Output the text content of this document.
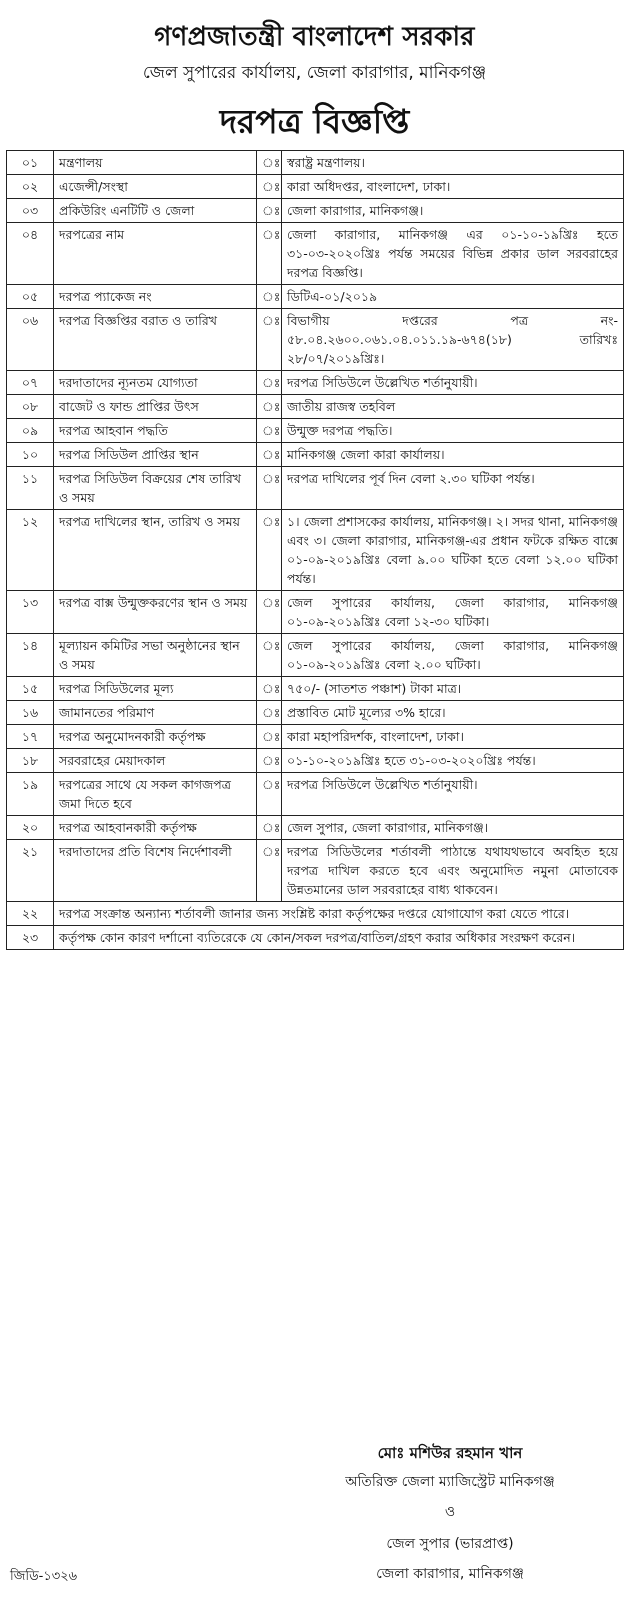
গণপ্রজাতন্ত্রী বাংলাদেশ সরকার
জেল সুপারের কার্যালয়, জেলা কারাগার, মানিকগঞ্জ
দরপত্র বিজ্ঞপ্তি
০১	মন্ত্রণালয়	ঃ	স্বরাষ্ট্র মন্ত্রণালয়।
০২	এজেন্সী/সংস্থা	ঃ	কারা অধিদপ্তর, বাংলাদেশ, ঢাকা।
০৩	প্রকিউরিং এনটিটি ও জেলা	ঃ	জেলা কারাগার, মানিকগঞ্জ।
০৪	দরপত্রের নাম	ঃ	জেলা কারাগার, মানিকগঞ্জ এর ০১-১০-১৯খ্রিঃ হতে ৩১-০৩-২০২০খ্রিঃ পর্যন্ত সময়ের বিভিন্ন প্রকার ডাল সরবরাহের দরপত্র বিজ্ঞপ্তি।
০৫	দরপত্র প্যাকেজ নং	ঃ	ডিটিএ-০১/২০১৯
০৬	দরপত্র বিজ্ঞপ্তির বরাত ও তারিখ	ঃ	বিভাগীয় দপ্তরের পত্র নং- ৫৮.০৪.২৬০০.০৬১.০৪.০১১.১৯-৬৭৪(১৮) তারিখঃ ২৮/০৭/২০১৯খ্রিঃ।
০৭	দরদাতাদের ন্যূনতম যোগ্যতা	ঃ	দরপত্র সিডিউলে উল্লেখিত শর্তানুযায়ী।
০৮	বাজেট ও ফান্ড প্রাপ্তির উৎস	ঃ	জাতীয় রাজস্ব তহবিল
০৯	দরপত্র আহবান পদ্ধতি	ঃ	উন্মুক্ত দরপত্র পদ্ধতি।
১০	দরপত্র সিডিউল প্রাপ্তির স্থান	ঃ	মানিকগঞ্জ জেলা কারা কার্যালয়।
১১	দরপত্র সিডিউল বিক্রয়ের শেষ তারিখ ও সময়	ঃ	দরপত্র দাখিলের পূর্ব দিন বেলা ২.৩০ ঘটিকা পর্যন্ত।
১২	দরপত্র দাখিলের স্থান, তারিখ ও সময়	ঃ	১। জেলা প্রশাসকের কার্যালয়, মানিকগঞ্জ। ২। সদর থানা, মানিকগঞ্জ এবং ৩। জেলা কারাগার, মানিকগঞ্জ-এর প্রধান ফটকে রক্ষিত বাক্সে ০১-০৯-২০১৯খ্রিঃ বেলা ৯.০০ ঘটিকা হতে বেলা ১২.০০ ঘটিকা পর্যন্ত।
১৩	দরপত্র বাক্স উন্মুক্তকরণের স্থান ও সময়	ঃ	জেল সুপারের কার্যালয়, জেলা কারাগার, মানিকগঞ্জ ০১-০৯-২০১৯খ্রিঃ বেলা ১২-৩০ ঘটিকা।
১৪	মূল্যায়ন কমিটির সভা অনুষ্ঠানের স্থান ও সময়	ঃ	জেল সুপারের কার্যালয়, জেলা কারাগার, মানিকগঞ্জ ০১-০৯-২০১৯খ্রিঃ বেলা ২.০০ ঘটিকা।
১৫	দরপত্র সিডিউলের মূল্য	ঃ	৭৫০/- (সাতশত পঞ্চাশ) টাকা মাত্র।
১৬	জামানতের পরিমাণ	ঃ	প্রস্তাবিত মোট মূল্যের ৩% হারে।
১৭	দরপত্র অনুমোদনকারী কর্তৃপক্ষ	ঃ	কারা মহাপরিদর্শক, বাংলাদেশ, ঢাকা।
১৮	সরবরাহের মেয়াদকাল	ঃ	০১-১০-২০১৯খ্রিঃ হতে ৩১-০৩-২০২০খ্রিঃ পর্যন্ত।
১৯	দরপত্রের সাথে যে সকল কাগজপত্র জমা দিতে হবে	ঃ	দরপত্র সিডিউলে উল্লেখিত শর্তানুযায়ী।
২০	দরপত্র আহবানকারী কর্তৃপক্ষ	ঃ	জেল সুপার, জেলা কারাগার, মানিকগঞ্জ।
২১	দরদাতাদের প্রতি বিশেষ নির্দেশাবলী	ঃ	দরপত্র সিডিউলের শর্তাবলী পাঠান্তে যথাযথভাবে অবহিত হয়ে দরপত্র দাখিল করতে হবে এবং অনুমোদিত নমুনা মোতাবেক উন্নতমানের ডাল সরবরাহের বাধ্য থাকবেন।
২২	দরপত্র সংক্রান্ত অন্যান্য শর্তাবলী জানার জন্য সংশ্লিষ্ট কারা কর্তৃপক্ষের দপ্তরে যোগাযোগ করা যেতে পারে।		
২৩	কর্তৃপক্ষ কোন কারণ দর্শানো ব্যতিরেকে যে কোন/সকল দরপত্র/বাতিল/গ্রহণ করার অধিকার সংরক্ষণ করেন।		
জিডি-১৩২৬
মোঃ মশিউর রহমান খান
অতিরিক্ত জেলা ম্যাজিস্ট্রেট মানিকগঞ্জ
ও
জেল সুপার (ভারপ্রাপ্ত)
জেলা কারাগার, মানিকগঞ্জ
